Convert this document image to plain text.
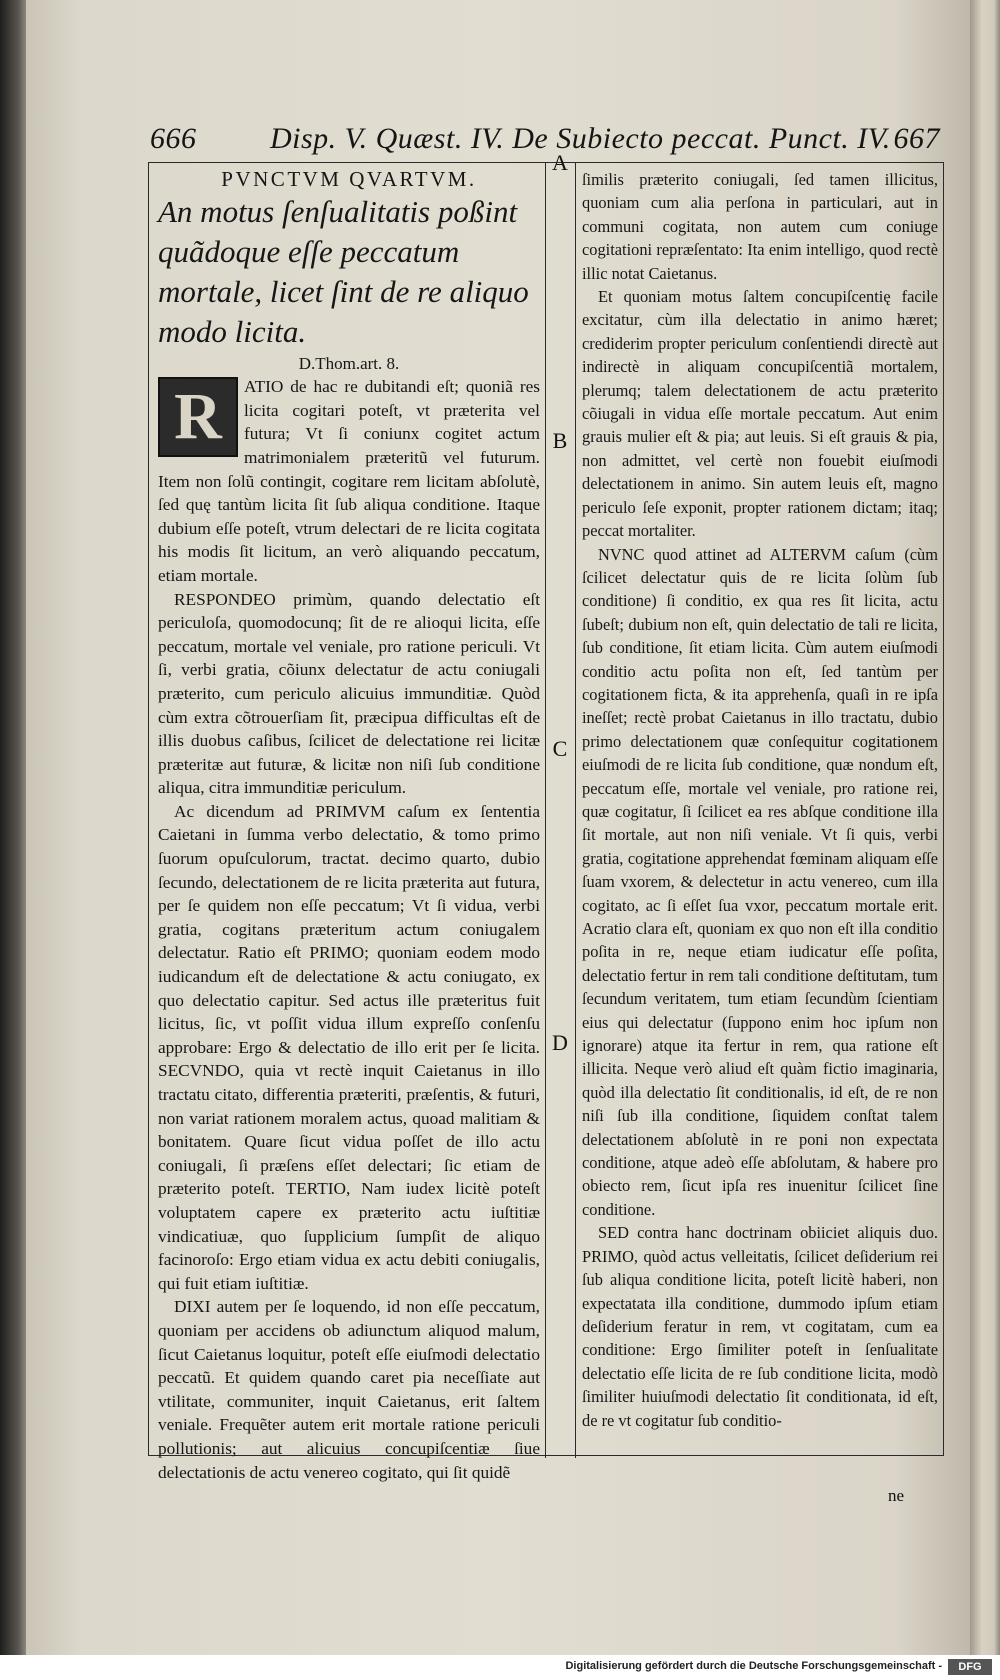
666 Disp. V. Quæst. IV. De Subiecto peccat. Punct. IV. 667

PVNCTVM QVARTVM.

An motus ſenſualitatis poßint quãdoque eſſe peccatum mortale, licet ſint de re aliquo modo licita.

D.Thom.art. 8.

R	ATIO de hac re dubitandi eſt; quoniã res licita cogitari poteſt, vt præterita vel futura; Vt ſi coniunx cogitet actum matrimonialem præteritũ vel futurum. Item non ſolũ contingit, cogitare rem licitam abſolutè, ſed quę tantùm licita ſit ſub aliqua conditione. Itaque dubium eſſe poteſt, vtrum delectari de re licita cogitata his modis ſit licitum, an verò aliquando peccatum, etiam mortale.

RESPONDEO primùm, quando delectatio eſt periculoſa, quomodocunq; ſit de re alioqui licita, eſſe peccatum, mortale vel veniale, pro ratione periculi. Vt ſi, verbi gratia, cõiunx delectatur de actu coniugali præterito, cum periculo alicuius immunditiæ. Quòd cùm extra cõtrouerſiam ſit, præcipua difficultas eſt de illis duobus caſibus, ſcilicet de delectatione rei licitæ præteritæ aut futuræ, & licitæ non niſi ſub conditione aliqua, citra immunditiæ periculum.

Ac dicendum ad PRIMVM caſum ex ſententia Caietani in ſumma verbo delectatio, & tomo primo ſuorum opuſculorum, tractat. decimo quarto, dubio ſecundo, delectationem de re licita præterita aut futura, per ſe quidem non eſſe peccatum; Vt ſi vidua, verbi gratia, cogitans præteritum actum coniugalem delectatur. Ratio eſt PRIMO; quoniam eodem modo iudicandum eſt de delectatione & actu coniugato, ex quo delectatio capitur. Sed actus ille præteritus fuit licitus, ſic, vt poſſit vidua illum expreſſo conſenſu approbare: Ergo & delectatio de illo erit per ſe licita. SECVNDO, quia vt rectè inquit Caietanus in illo tractatu citato, differentia præteriti, præſentis, & futuri, non variat rationem moralem actus, quoad malitiam & bonitatem. Quare ſicut vidua poſſet de illo actu coniugali, ſi præſens eſſet delectari; ſic etiam de præterito poteſt. TERTIO, Nam iudex licitè poteſt voluptatem capere ex præterito actu iuſtitiæ vindicatiuæ, quo ſupplicium ſumpſit de aliquo facinoroſo: Ergo etiam vidua ex actu debiti coniugalis, qui fuit etiam iuſtitiæ.

DIXI autem per ſe loquendo, id non eſſe peccatum, quoniam per accidens ob adiunctum aliquod malum, ſicut Caietanus loquitur, poteſt eſſe eiuſmodi delectatio peccatũ. Et quidem quando caret pia neceſſiate aut vtilitate, communiter, inquit Caietanus, erit ſaltem veniale. Frequẽter autem erit mortale ratione periculi pollutionis; aut alicuius concupiſcentiæ ſiue delectationis de actu venereo cogitato, qui ſit quidẽ

A
B
C
D

ſimilis præterito coniugali, ſed tamen illicitus, quoniam cum alia perſona in particulari, aut in communi cogitata, non autem cum coniuge cogitationi repræſentato: Ita enim intelligo, quod rectè illic notat Caietanus.

Et quoniam motus ſaltem concupiſcentię facile excitatur, cùm illa delectatio in animo hæret; crediderim propter periculum conſentiendi directè aut indirectè in aliquam concupiſcentiã mortalem, plerumq; talem delectationem de actu præterito cõiugali in vidua eſſe mortale peccatum. Aut enim grauis mulier eſt & pia; aut leuis. Si eſt grauis & pia, non admittet, vel certè non fouebit eiuſmodi delectationem in animo. Sin autem leuis eſt, magno periculo ſeſe exponit, propter rationem dictam; itaq; peccat mortaliter.

NVNC quod attinet ad ALTERVM caſum (cùm ſcilicet delectatur quis de re licita ſolùm ſub conditione) ſi conditio, ex qua res ſit licita, actu ſubeſt; dubium non eſt, quin delectatio de tali re licita, ſub conditione, ſit etiam licita. Cùm autem eiuſmodi conditio actu poſita non eſt, ſed tantùm per cogitationem ficta, & ita apprehenſa, quaſi in re ipſa ineſſet; rectè probat Caietanus in illo tractatu, dubio primo delectationem quæ conſequitur cogitationem eiuſmodi de re licita ſub conditione, quæ nondum eſt, peccatum eſſe, mortale vel veniale, pro ratione rei, quæ cogitatur, ſi ſcilicet ea res abſque conditione illa ſit mortale, aut non niſi veniale. Vt ſi quis, verbi gratia, cogitatione apprehendat fœminam aliquam eſſe ſuam vxorem, & delectetur in actu venereo, cum illa cogitato, ac ſi eſſet ſua vxor, peccatum mortale erit. Acratio clara eſt, quoniam ex quo non eſt illa conditio poſita in re, neque etiam iudicatur eſſe poſita, delectatio fertur in rem tali conditione deſtitutam, tum ſecundum veritatem, tum etiam ſecundùm ſcientiam eius qui delectatur (ſuppono enim hoc ipſum non ignorare) atque ita fertur in rem, qua ratione eſt illicita. Neque verò aliud eſt quàm fictio imaginaria, quòd illa delectatio ſit conditionalis, id eſt, de re non niſi ſub illa conditione, ſiquidem conſtat talem delectationem abſolutè in re poni non expectata conditione, atque adeò eſſe abſolutam, & habere pro obiecto rem, ſicut ipſa res inuenitur ſcilicet ſine conditione.

SED contra hanc doctrinam obiiciet aliquis duo. PRIMO, quòd actus velleitatis, ſcilicet deſiderium rei ſub aliqua conditione licita, poteſt licitè haberi, non expectatata illa conditione, dummodo ipſum etiam deſiderium feratur in rem, vt cogitatam, cum ea conditione: Ergo ſimiliter poteſt in ſenſualitate delectatio eſſe licita de re ſub conditione licita, modò ſimiliter huiuſmodi delectatio ſit conditionata, id eſt, de re vt cogitatur ſub conditio-

ne
Digitalisierung gefördert durch die Deutsche Forschungsgemeinschaft -	DFG
